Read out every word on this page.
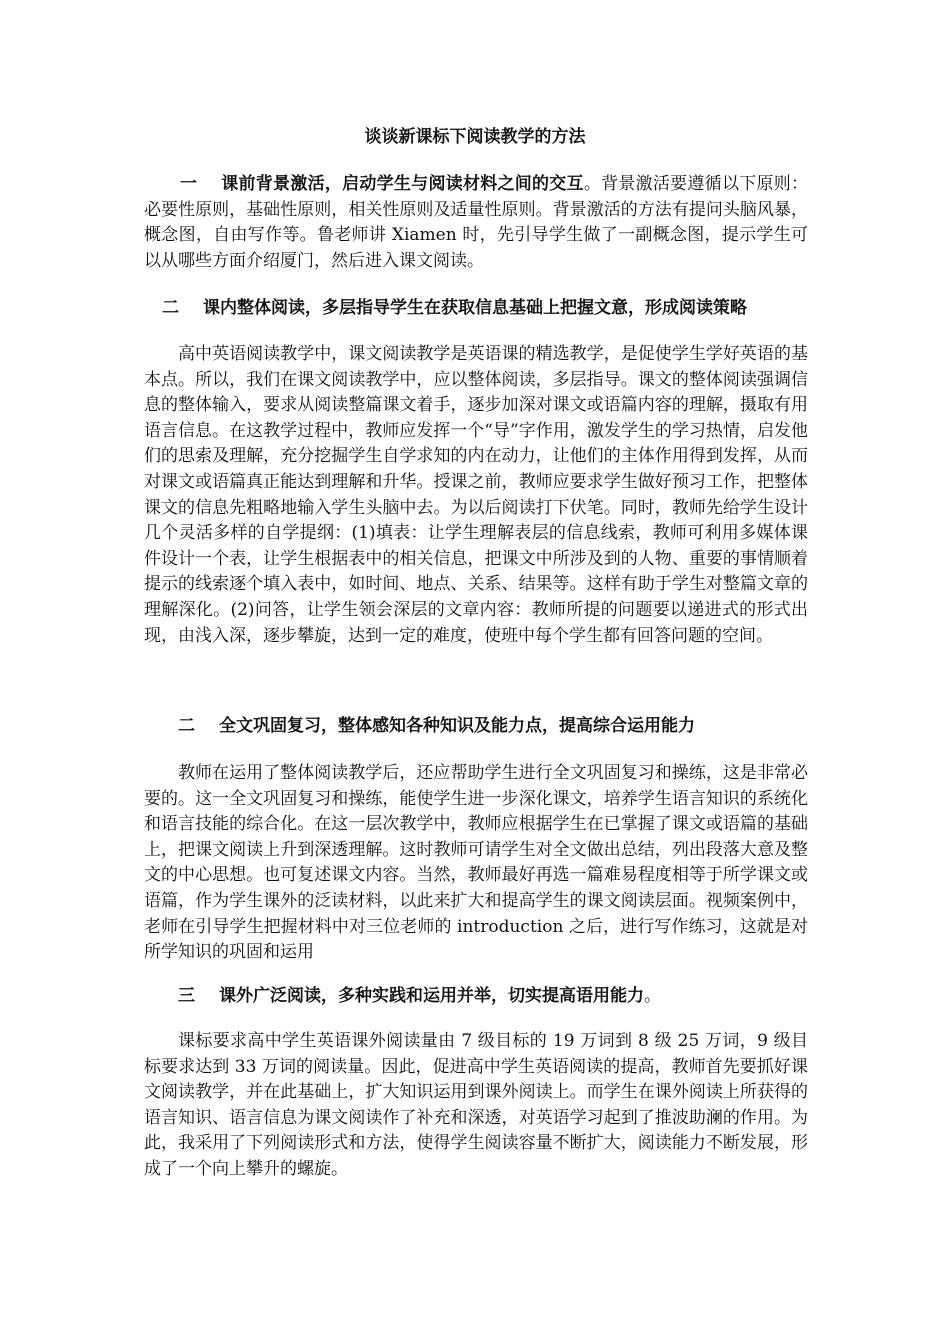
谈谈新课标下阅读教学的方法

一 课前背景激活，启动学生与阅读材料之间的交互。背景激活要遵循以下原则：必要性原则，基础性原则，相关性原则及适量性原则。背景激活的方法有提问头脑风暴，概念图，自由写作等。鲁老师讲 Xiamen 时，先引导学生做了一副概念图，提示学生可以从哪些方面介绍厦门，然后进入课文阅读。

二 课内整体阅读，多层指导学生在获取信息基础上把握文意，形成阅读策略

高中英语阅读教学中，课文阅读教学是英语课的精选教学，是促使学生学好英语的基本点。所以，我们在课文阅读教学中，应以整体阅读，多层指导。课文的整体阅读强调信息的整体输入，要求从阅读整篇课文着手，逐步加深对课文或语篇内容的理解，摄取有用语言信息。在这教学过程中，教师应发挥一个“导”字作用，激发学生的学习热情，启发他们的思索及理解，充分挖掘学生自学求知的内在动力，让他们的主体作用得到发挥，从而对课文或语篇真正能达到理解和升华。授课之前，教师应要求学生做好预习工作，把整体课文的信息先粗略地输入学生头脑中去。为以后阅读打下伏笔。同时，教师先给学生设计几个灵活多样的自学提纲：(1)填表：让学生理解表层的信息线索，教师可利用多媒体课件设计一个表，让学生根据表中的相关信息，把课文中所涉及到的人物、重要的事情顺着提示的线索逐个填入表中，如时间、地点、关系、结果等。这样有助于学生对整篇文章的理解深化。(2)问答，让学生领会深层的文章内容：教师所提的问题要以递进式的形式出现，由浅入深，逐步攀旋，达到一定的难度，使班中每个学生都有回答问题的空间。

二 全文巩固复习，整体感知各种知识及能力点，提高综合运用能力

教师在运用了整体阅读教学后，还应帮助学生进行全文巩固复习和操练，这是非常必要的。这一全文巩固复习和操练，能使学生进一步深化课文，培养学生语言知识的系统化和语言技能的综合化。在这一层次教学中，教师应根据学生在已掌握了课文或语篇的基础上，把课文阅读上升到深透理解。这时教师可请学生对全文做出总结，列出段落大意及整文的中心思想。也可复述课文内容。当然，教师最好再选一篇难易程度相等于所学课文或语篇，作为学生课外的泛读材料，以此来扩大和提高学生的课文阅读层面。视频案例中，老师在引导学生把握材料中对三位老师的 introduction 之后，进行写作练习，这就是对所学知识的巩固和运用

三 课外广泛阅读，多种实践和运用并举，切实提高语用能力。

课标要求高中学生英语课外阅读量由 7 级目标的 19 万词到 8 级 25 万词，9 级目标要求达到 33 万词的阅读量。因此，促进高中学生英语阅读的提高，教师首先要抓好课文阅读教学，并在此基础上，扩大知识运用到课外阅读上。而学生在课外阅读上所获得的语言知识、语言信息为课文阅读作了补充和深透，对英语学习起到了推波助澜的作用。为此，我采用了下列阅读形式和方法，使得学生阅读容量不断扩大，阅读能力不断发展，形成了一个向上攀升的螺旋。
